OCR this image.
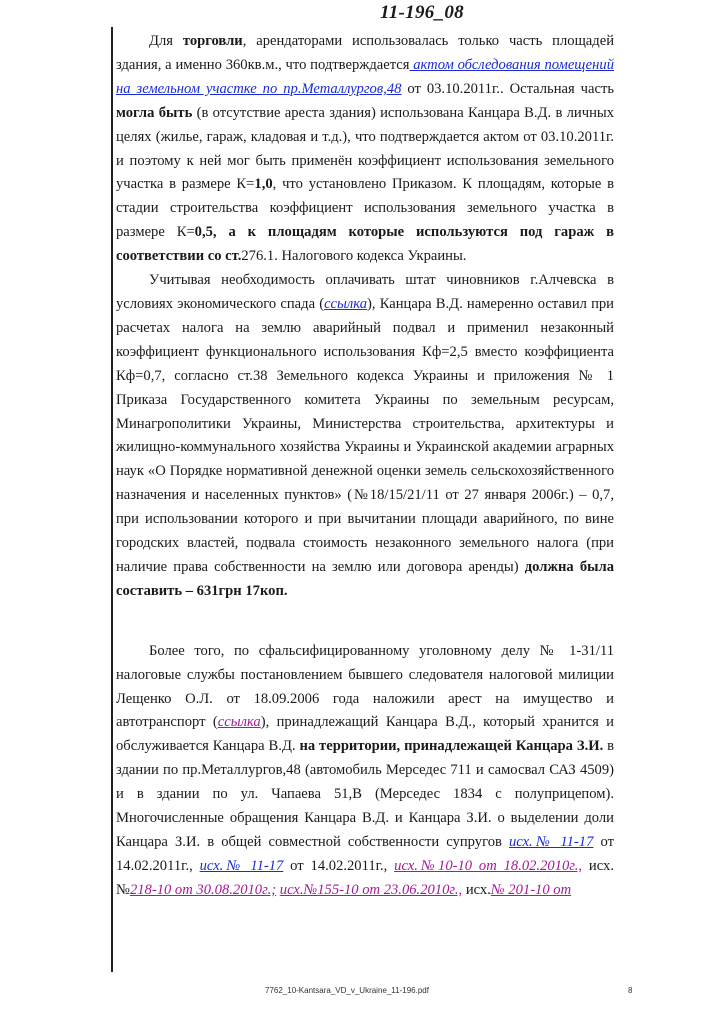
11-196_08

Для торговли, арендаторами использовалась только часть площадей здания, а именно 360кв.м., что подтверждается актом обследования помещений на земельном участке по пр.Металлургов,48 от 03.10.2011г.. Остальная часть могла быть (в отсутствие ареста здания) использована Канцара В.Д. в личных целях (жилье, гараж, кладовая и т.д.), что подтверждается актом от 03.10.2011г. и поэтому к ней мог быть применён коэффициент использования земельного участка в размере К=1,0, что установлено Приказом. К площадям, которые в стадии строительства коэффициент использования земельного участка в размере К=0,5, а к площадям которые используются под гараж в соответствии со ст.276.1. Налогового кодекса Украины.

Учитывая необходимость оплачивать штат чиновников г.Алчевска в условиях экономического спада (ссылка), Канцара В.Д. намеренно оставил при расчетах налога на землю аварийный подвал и применил незаконный коэффициент функционального использования Кф=2,5 вместо коэффициента Кф=0,7, согласно ст.38 Земельного кодекса Украины и приложения № 1 Приказа Государственного комитета Украины по земельным ресурсам, Минагрополитики Украины, Министерства строительства, архитектуры и жилищно-коммунального хозяйства Украины и Украинской академии аграрных наук «О Порядке нормативной денежной оценки земель сельскохозяйственного назначения и населенных пунктов» (№18/15/21/11 от 27 января 2006г.) – 0,7, при использовании которого и при вычитании площади аварийного, по вине городских властей, подвала стоимость незаконного земельного налога (при наличие права собственности на землю или договора аренды) должна была составить – 631грн 17коп.

Более того, по сфальсифицированному уголовному делу № 1-31/11 налоговые службы постановлением бывшего следователя налоговой милиции Лещенко О.Л. от 18.09.2006 года наложили арест на имущество и автотранспорт (ссылка), принадлежащий Канцара В.Д., который хранится и обслуживается Канцара В.Д. на территории, принадлежащей Канцара З.И. в здании по пр.Металлургов,48 (автомобиль Мерседес 711 и самосвал САЗ 4509) и в здании по ул. Чапаева 51,В (Мерседес 1834 с полуприцепом). Многочисленные обращения Канцара В.Д. и Канцара З.И. о выделении доли Канцара З.И. в общей совместной собственности супругов исх.№ 11-17 от 14.02.2011г., исх.№ 11-17 от 14.02.2011г., исх.№10-10 от 18.02.2010г., исх.№218-10 от 30.08.2010г.; исх.№155-10 от 23.06.2010г., исх.№ 201-10 от

7762_10-Kantsara_VD_v_Ukraine_11-196.pdf	8
